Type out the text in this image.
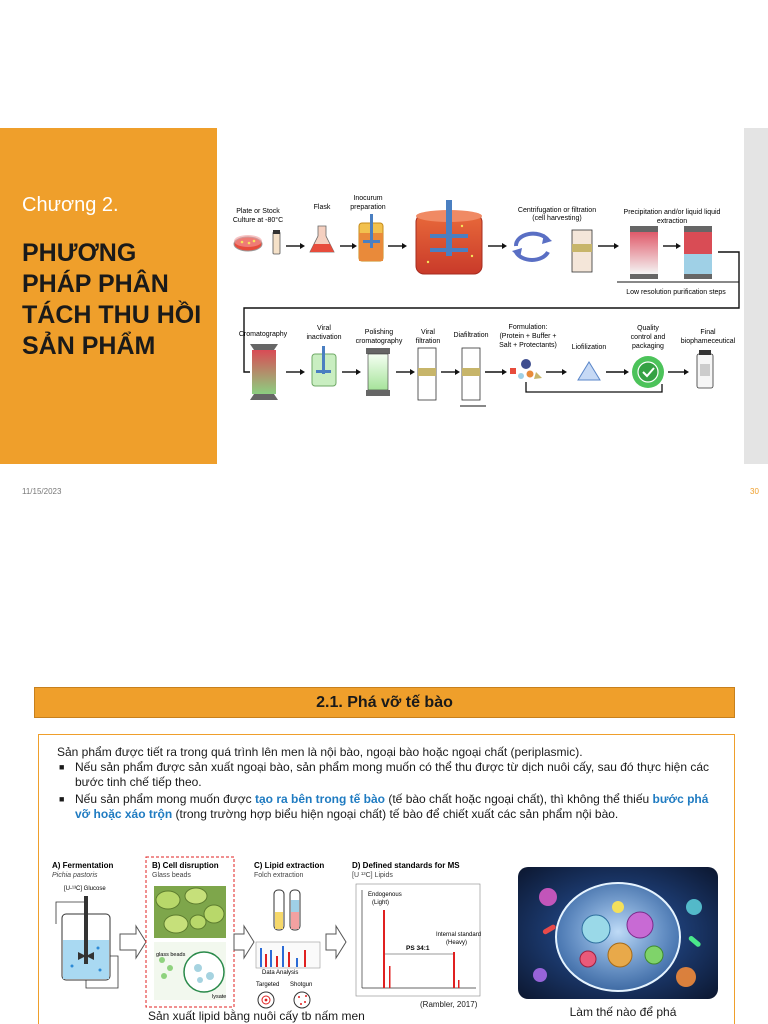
Chương 2.
PHƯƠNG PHÁP PHÂN TÁCH THU HỒI SẢN PHẨM
Plate or Stock
Culture at -80°C
Flask
Inocurum
preparation	Centrifugation or filtration
(cell harvesting)
Precipitation and/or liquid liquid
extraction
Low resolution purification steps
Cromatography
Viral
inactivation
Polishing
cromatography
Viral
filtration
Diafiltration
Formulation:
(Protein + Buffer +
Salt + Protectants) Liofilization
Quality
control and
packaging
Final
biophameceutical
11/15/2023	30
2.1. Phá vỡ tế bào
Sản phẩm được tiết ra trong quá trình lên men là nội bào, ngoại bào hoặc ngoại chất (periplasmic).
■ Nếu sản phẩm được sản xuất ngoại bào, sản phẩm mong muốn có thể thu được từ dịch nuôi cấy, sau đó thực hiện các bước tinh chế tiếp theo.
■ Nếu sản phẩm mong muốn được tạo ra bên trong tế bào (tế bào chất hoặc ngoại chất), thì không thể thiếu bước phá vỡ hoặc xáo trộn (trong trường hợp biểu hiện ngoại chất) tế bào để chiết xuất các sản phẩm nội bào.
A) Fermentation
Pichia pastoris
[U-¹³C] Glucose
B) Cell disruption
Glass beads
glass beads
lysate
C) Lipid extraction
Folch extraction
Data Analysis
Targeted Shotgun
D) Defined standards for MS
[U ¹³C] Lipids
Endogenous
(Light)
Internal standard
(Heavy)
PS 34:1
(Rambler, 2017)
Sản xuất lipid bằng nuôi cấy tb nấm men	Làm thế nào để phá
